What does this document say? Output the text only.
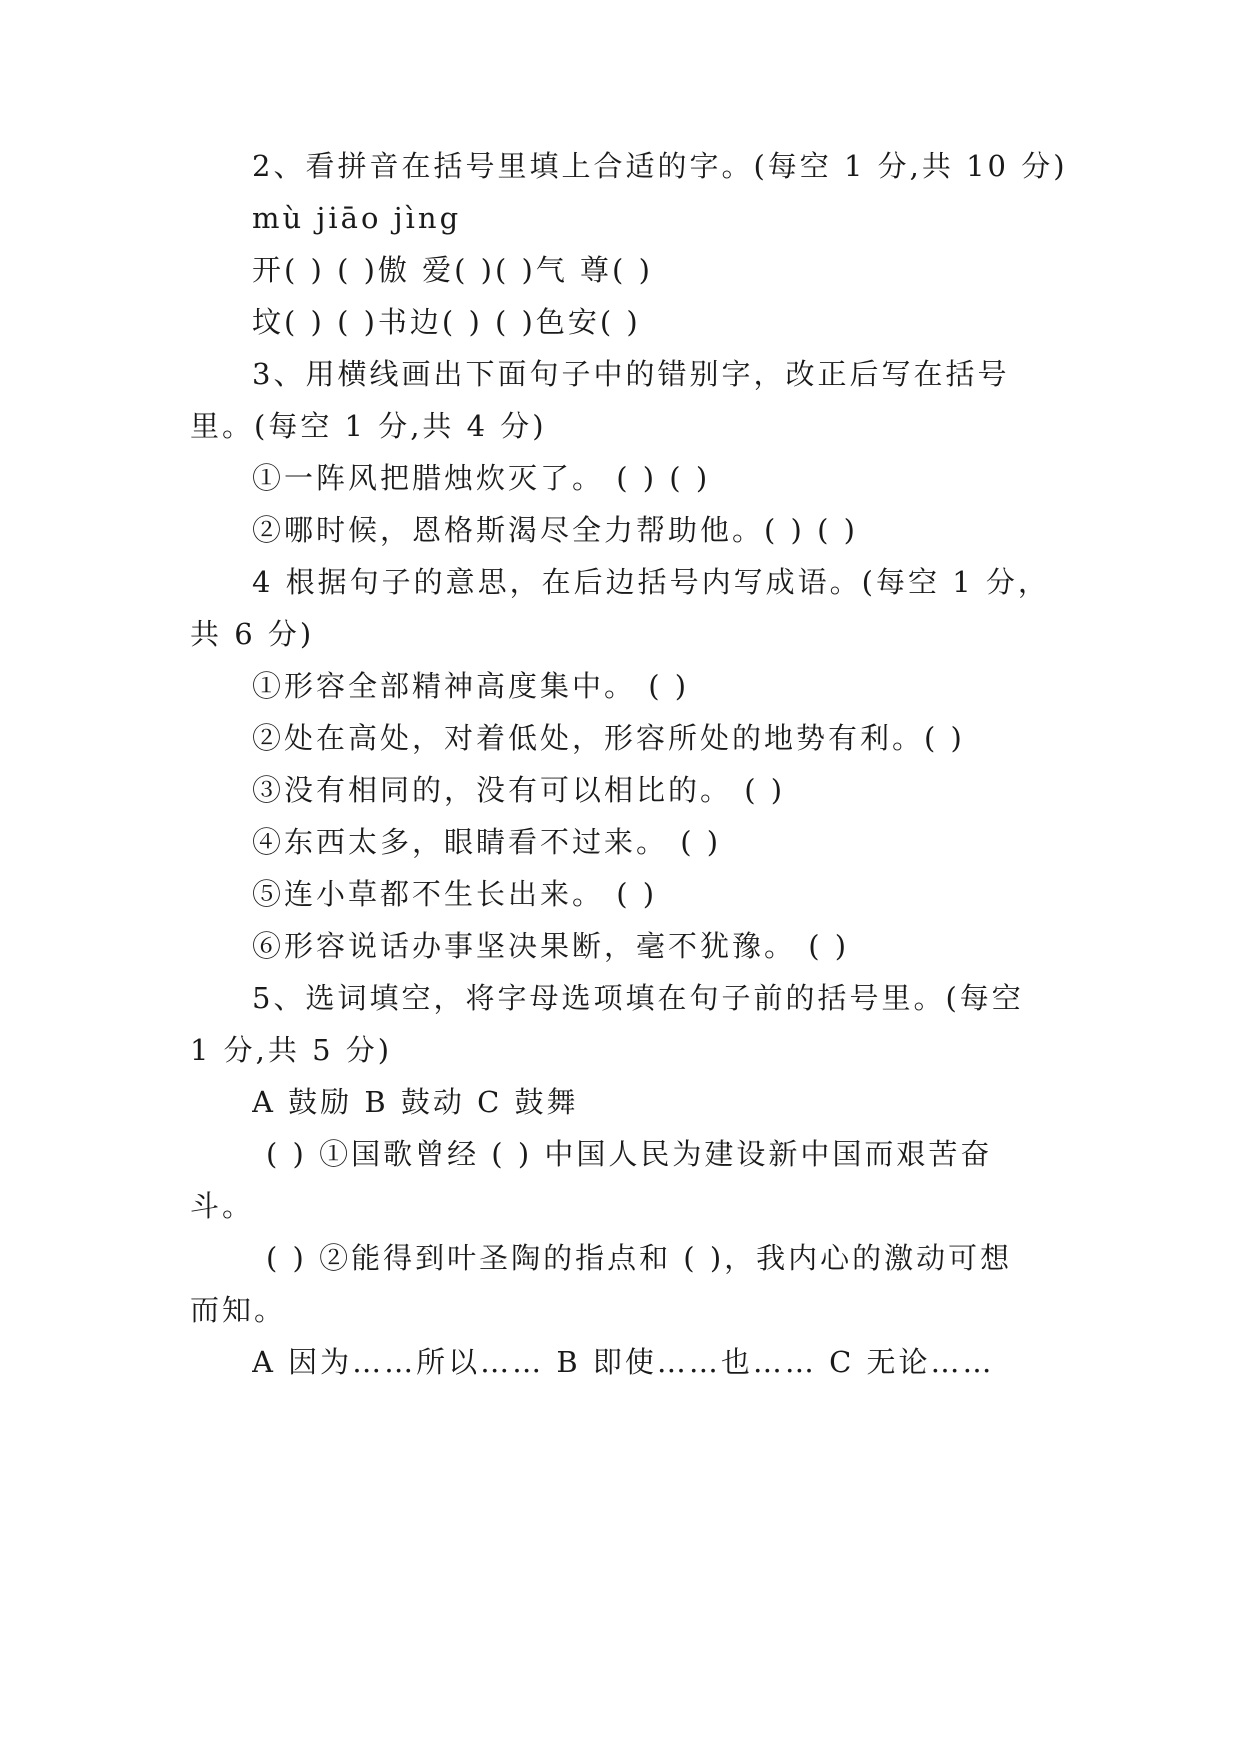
2、看拼音在括号里填上合适的字。(每空 1 分,共 10 分)
mù jiāo jìng
开( ) ( )傲 爱( )( )气 尊( )
坟( ) ( )书边( ) ( )色安( )
3、用横线画出下面句子中的错别字，改正后写在括号
里。(每空 1 分,共 4 分)
①一阵风把腊烛炊灭了。 ( ) ( )
②哪时候，恩格斯渴尽全力帮助他。( ) ( )
4 根据句子的意思，在后边括号内写成语。(每空 1 分，
共 6 分)
①形容全部精神高度集中。 ( )
②处在高处，对着低处，形容所处的地势有利。( )
③没有相同的，没有可以相比的。 ( )
④东西太多，眼睛看不过来。 ( )
⑤连小草都不生长出来。 ( )
⑥形容说话办事坚决果断，毫不犹豫。 ( )
5、选词填空，将字母选项填在句子前的括号里。(每空
1 分,共 5 分)
A 鼓励 B 鼓动 C 鼓舞
( ) ①国歌曾经 ( ) 中国人民为建设新中国而艰苦奋
斗。
( ) ②能得到叶圣陶的指点和 ( )，我内心的激动可想
而知。
A 因为……所以…… B 即使……也…… C 无论……
